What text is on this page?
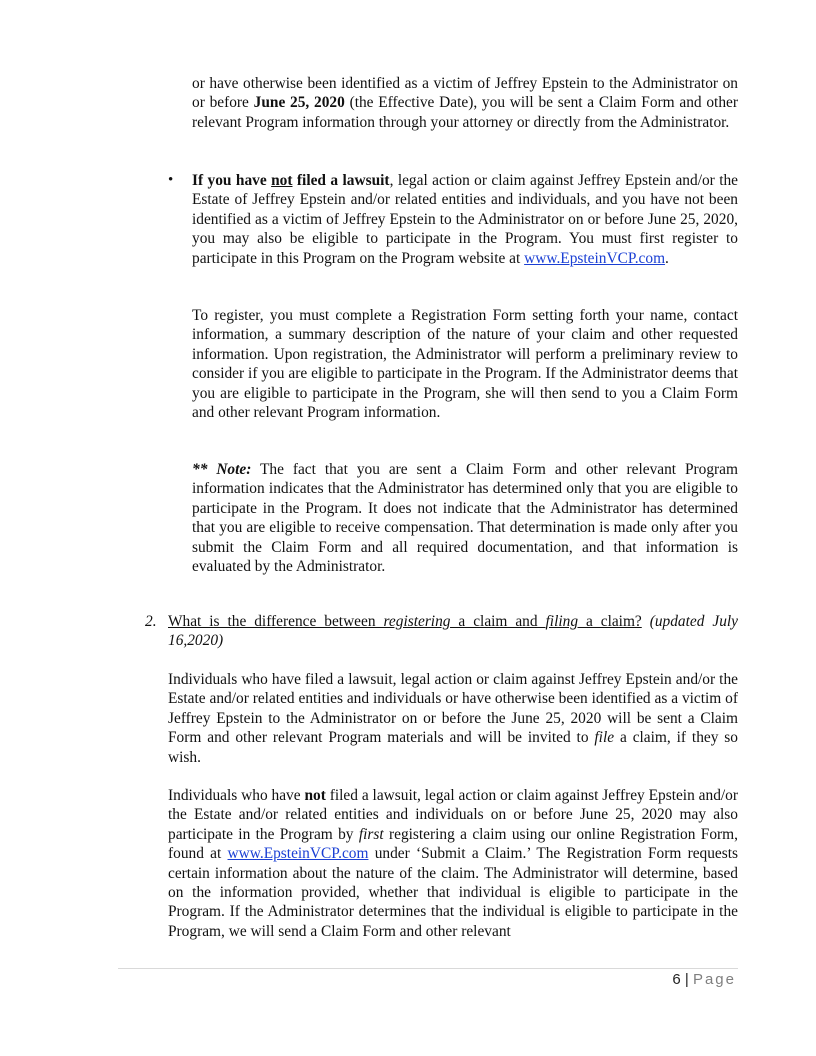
or have otherwise been identified as a victim of Jeffrey Epstein to the Administrator on or before June 25, 2020 (the Effective Date), you will be sent a Claim Form and other relevant Program information through your attorney or directly from the Administrator.

• If you have not filed a lawsuit, legal action or claim against Jeffrey Epstein and/or the Estate of Jeffrey Epstein and/or related entities and individuals, and you have not been identified as a victim of Jeffrey Epstein to the Administrator on or before June 25, 2020, you may also be eligible to participate in the Program. You must first register to participate in this Program on the Program website at www.EpsteinVCP.com.

To register, you must complete a Registration Form setting forth your name, contact information, a summary description of the nature of your claim and other requested information. Upon registration, the Administrator will perform a preliminary review to consider if you are eligible to participate in the Program. If the Administrator deems that you are eligible to participate in the Program, she will then send to you a Claim Form and other relevant Program information.

** Note: The fact that you are sent a Claim Form and other relevant Program information indicates that the Administrator has determined only that you are eligible to participate in the Program. It does not indicate that the Administrator has determined that you are eligible to receive compensation. That determination is made only after you submit the Claim Form and all required documentation, and that information is evaluated by the Administrator.

2. What is the difference between registering a claim and filing a claim? (updated July 16,2020)

Individuals who have filed a lawsuit, legal action or claim against Jeffrey Epstein and/or the Estate and/or related entities and individuals or have otherwise been identified as a victim of Jeffrey Epstein to the Administrator on or before the June 25, 2020 will be sent a Claim Form and other relevant Program materials and will be invited to file a claim, if they so wish.

Individuals who have not filed a lawsuit, legal action or claim against Jeffrey Epstein and/or the Estate and/or related entities and individuals on or before June 25, 2020 may also participate in the Program by first registering a claim using our online Registration Form, found at www.EpsteinVCP.com under ‘Submit a Claim.’ The Registration Form requests certain information about the nature of the claim. The Administrator will determine, based on the information provided, whether that individual is eligible to participate in the Program. If the Administrator determines that the individual is eligible to participate in the Program, we will send a Claim Form and other relevant

6 | Page
